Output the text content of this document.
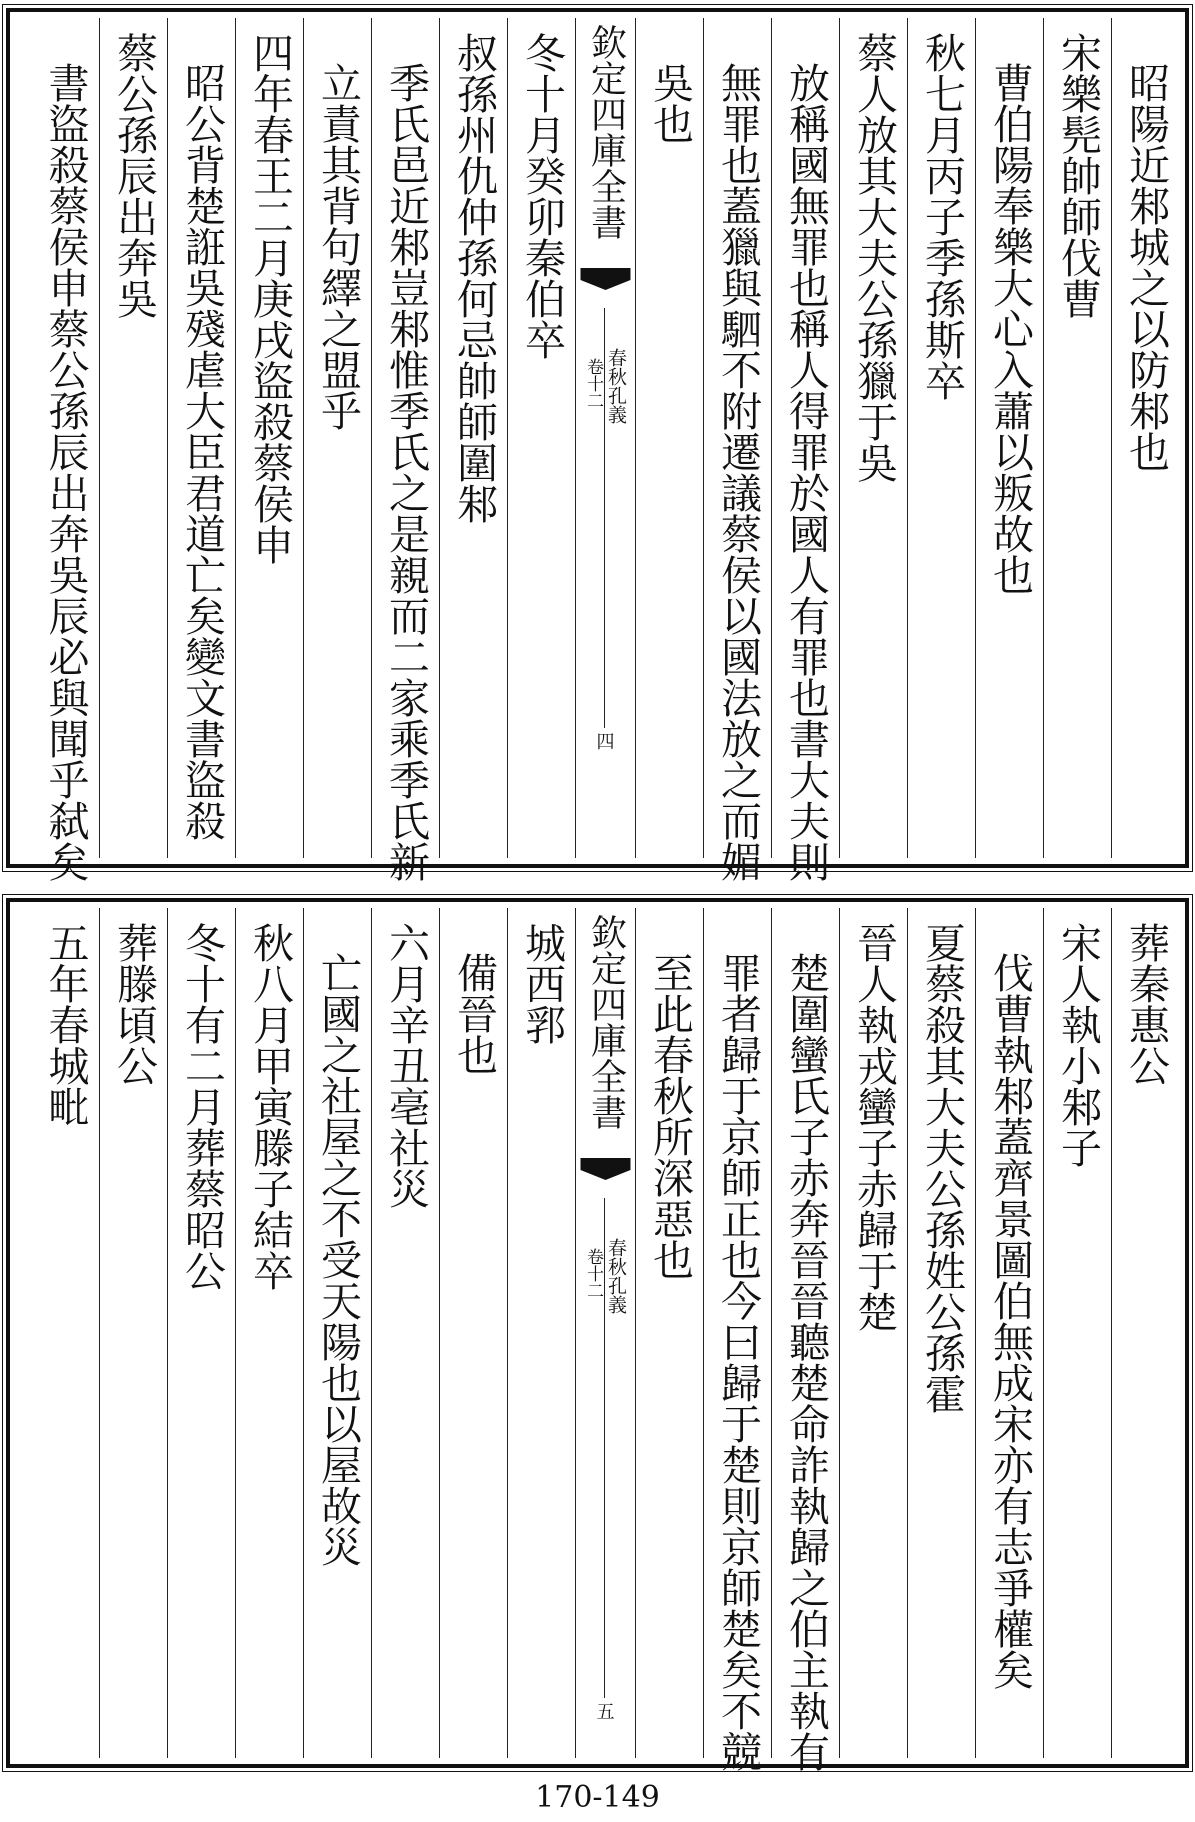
昭陽近邾城之以防邾也
宋樂髡帥師伐曹
曹伯陽奉樂大心入蕭以叛故也
秋七月丙子季孫斯卒
蔡人放其大夫公孫獵于吳
放稱國無罪也稱人得罪於國人有罪也書大夫則
無罪也蓋獵與駟不附遷議蔡侯以國法放之而媚
吳也
欽定四庫全書
春秋孔義
卷十二
四
冬十月癸卯秦伯卒
叔孫州仇仲孫何忌帥師圍邾
季氏邑近邾豈邾惟季氏之是親而二家乘季氏新
立責其背句繹之盟乎
四年春王二月庚戌盜殺蔡侯申
昭公背楚誑吳殘虐大臣君道亡矣變文書盜殺
蔡公孫辰出奔吳
書盜殺蔡侯申蔡公孫辰出奔吳辰必與聞乎弑矣
葬秦惠公
宋人執小邾子
伐曹執邾蓋齊景圖伯無成宋亦有志爭權矣
夏蔡殺其大夫公孫姓公孫霍
晉人執戎蠻子赤歸于楚
楚圍蠻氏子赤奔晉晉聽楚命詐執歸之伯主執有
罪者歸于京師正也今曰歸于楚則京師楚矣不競
至此春秋所深惡也
欽定四庫全書
春秋孔義
卷十二
五
城西郛
備晉也
六月辛丑亳社災
亡國之社屋之不受天陽也以屋故災
秋八月甲寅滕子結卒
冬十有二月葬蔡昭公
葬滕頃公
五年春城毗
170-149
